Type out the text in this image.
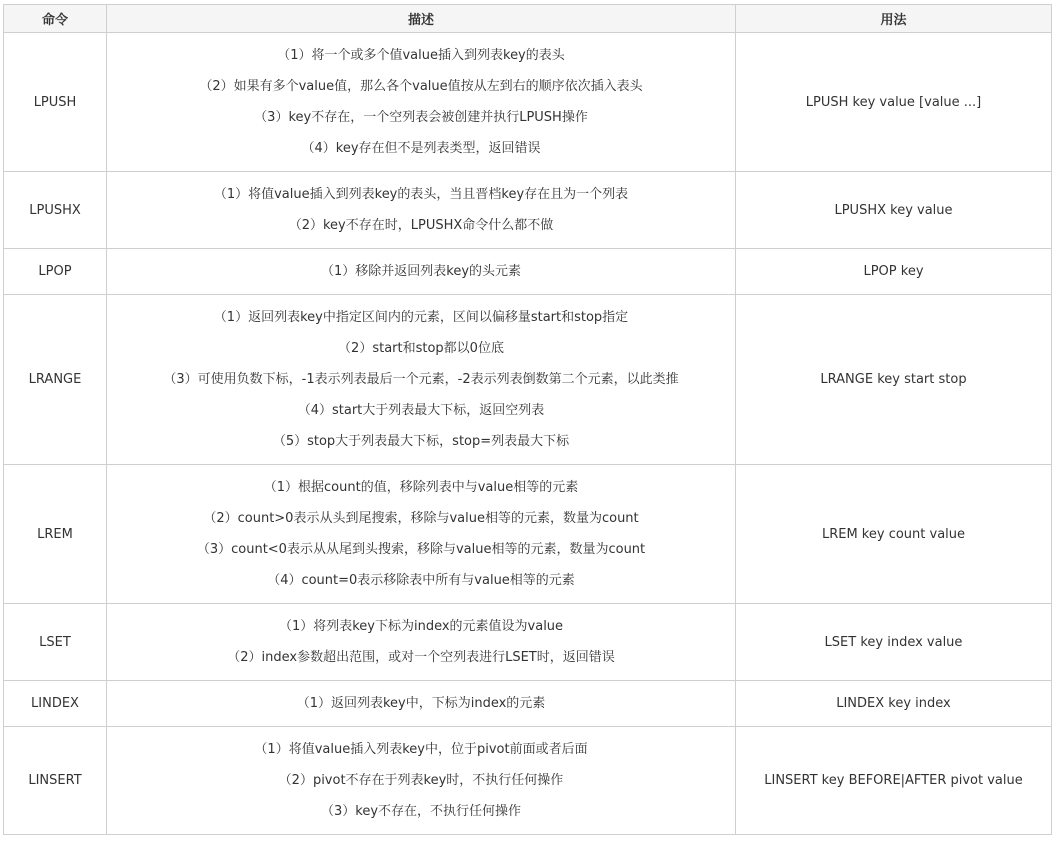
命令	描述	用法
LPUSH	（1）将一个或多个值value插入到列表key的表头
（2）如果有多个value值，那么各个value值按从左到右的顺序依次插入表头
（3）key不存在，一个空列表会被创建并执行LPUSH操作
（4）key存在但不是列表类型，返回错误	LPUSH key value [value ...]
LPUSHX	（1）将值value插入到列表key的表头，当且晋档key存在且为一个列表
（2）key不存在时，LPUSHX命令什么都不做	LPUSHX key value
LPOP	（1）移除并返回列表key的头元素	LPOP key
LRANGE	（1）返回列表key中指定区间内的元素，区间以偏移量start和stop指定
（2）start和stop都以0位底
（3）可使用负数下标，-1表示列表最后一个元素，-2表示列表倒数第二个元素，以此类推
（4）start大于列表最大下标，返回空列表
（5）stop大于列表最大下标，stop=列表最大下标	LRANGE key start stop
LREM	（1）根据count的值，移除列表中与value相等的元素
（2）count>0表示从头到尾搜索，移除与value相等的元素，数量为count
（3）count<0表示从从尾到头搜索，移除与value相等的元素，数量为count
（4）count=0表示移除表中所有与value相等的元素	LREM key count value
LSET	（1）将列表key下标为index的元素值设为value
（2）index参数超出范围，或对一个空列表进行LSET时，返回错误	LSET key index value
LINDEX	（1）返回列表key中，下标为index的元素	LINDEX key index
LINSERT	（1）将值value插入列表key中，位于pivot前面或者后面
（2）pivot不存在于列表key时，不执行任何操作
（3）key不存在，不执行任何操作	LINSERT key BEFORE|AFTER pivot value
